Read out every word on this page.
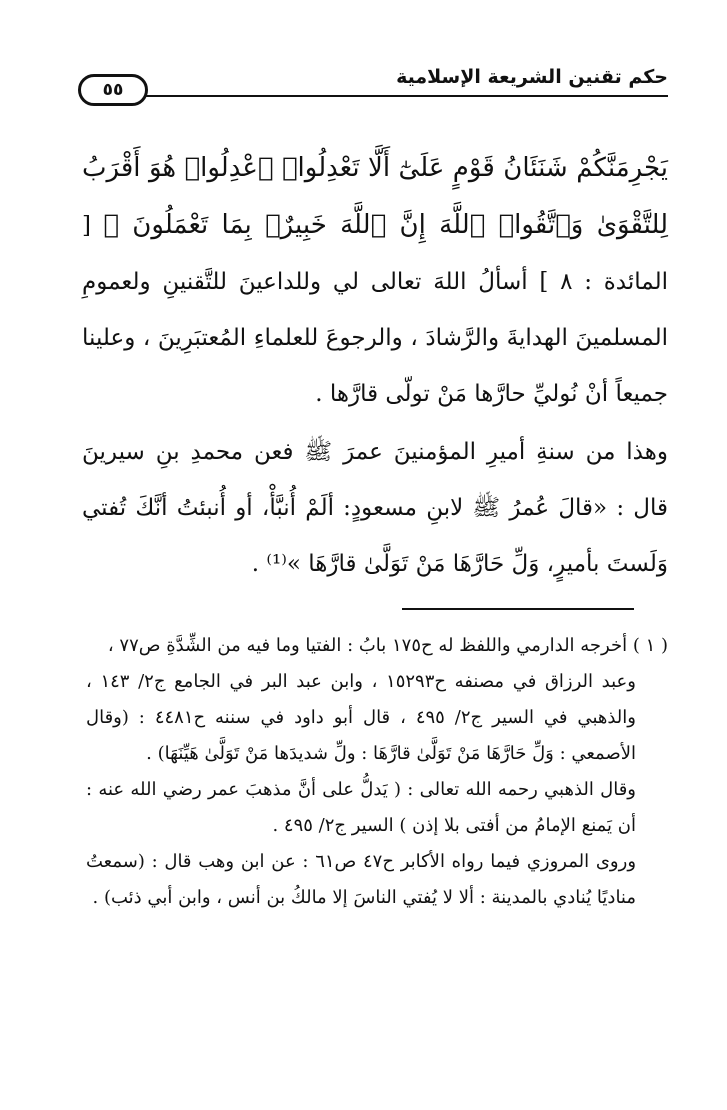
حكم تقنين الشريعة الإسلامية
٥٥

يَجْرِمَنَّكُمْ شَنَئَانُ قَوْمٍ عَلَىٰٓ أَلَّا تَعْدِلُوا۟ ٱعْدِلُوا۟ هُوَ أَقْرَبُ لِلتَّقْوَىٰ وَٱتَّقُوا۟ ٱللَّهَ إِنَّ ٱللَّهَ خَبِيرٌۢ بِمَا تَعْمَلُونَ ﴾ [ المائدة : ٨ ] أسألُ اللهَ تعالى لي وللداعينَ للتَّقنينِ ولعمومِ المسلمينَ الهدايةَ والرَّشادَ ، والرجوعَ للعلماءِ المُعتبَرِينَ ، وعلينا جميعاً أنْ نُوليِّ حارَّها مَنْ تولّى قارَّها .

وهذا من سنةِ أميرِ المؤمنينَ عمرَ ﷺ فعن محمدِ بنِ سيرينَ قال : «قالَ عُمرُ ﷺ لابنِ مسعودٍ: ألَمْ أُنبَّأْ، أو أُنبئتُ أنَّكَ تُفتي وَلَستَ بأميرٍ، وَلِّ حَارَّهَا مَنْ تَوَلَّىٰ قارَّهَا »⁽¹⁾ .

( ١ ) أخرجه الدارمي واللفظ له ح١٧٥ بابُ : الفتيا وما فيه من الشِّدَّةِ ص٧٧ ،

وعبد الرزاق في مصنفه ح١٥٢٩٣ ، وابن عبد البر في الجامع ج٢/ ١٤٣ ، والذهبي في السير ج٢/ ٤٩٥ ، قال أبو داود في سننه ح٤٤٨١ : (وقال الأصمعي : وَلِّ حَارَّهَا مَنْ تَوَلَّىٰ قارَّهَا : ولِّ شديدَها مَنْ تَوَلَّىٰ هَيِّنَهَا) .

وقال الذهبي رحمه الله تعالى : ( يَدلُّ على أنَّ مذهبَ عمر رضي الله عنه : أن يَمنع الإمامُ من أفتى بلا إذن ) السير ج٢/ ٤٩٥ .

وروى المروزي فيما رواه الأكابر ح٤٧ ص٦١ : عن ابن وهب قال : (سمعتُ مناديًا يُنادي بالمدينة : ألا لا يُفتي الناسَ إلا مالكُ بن أنس ، وابن أبي ذئب) .
